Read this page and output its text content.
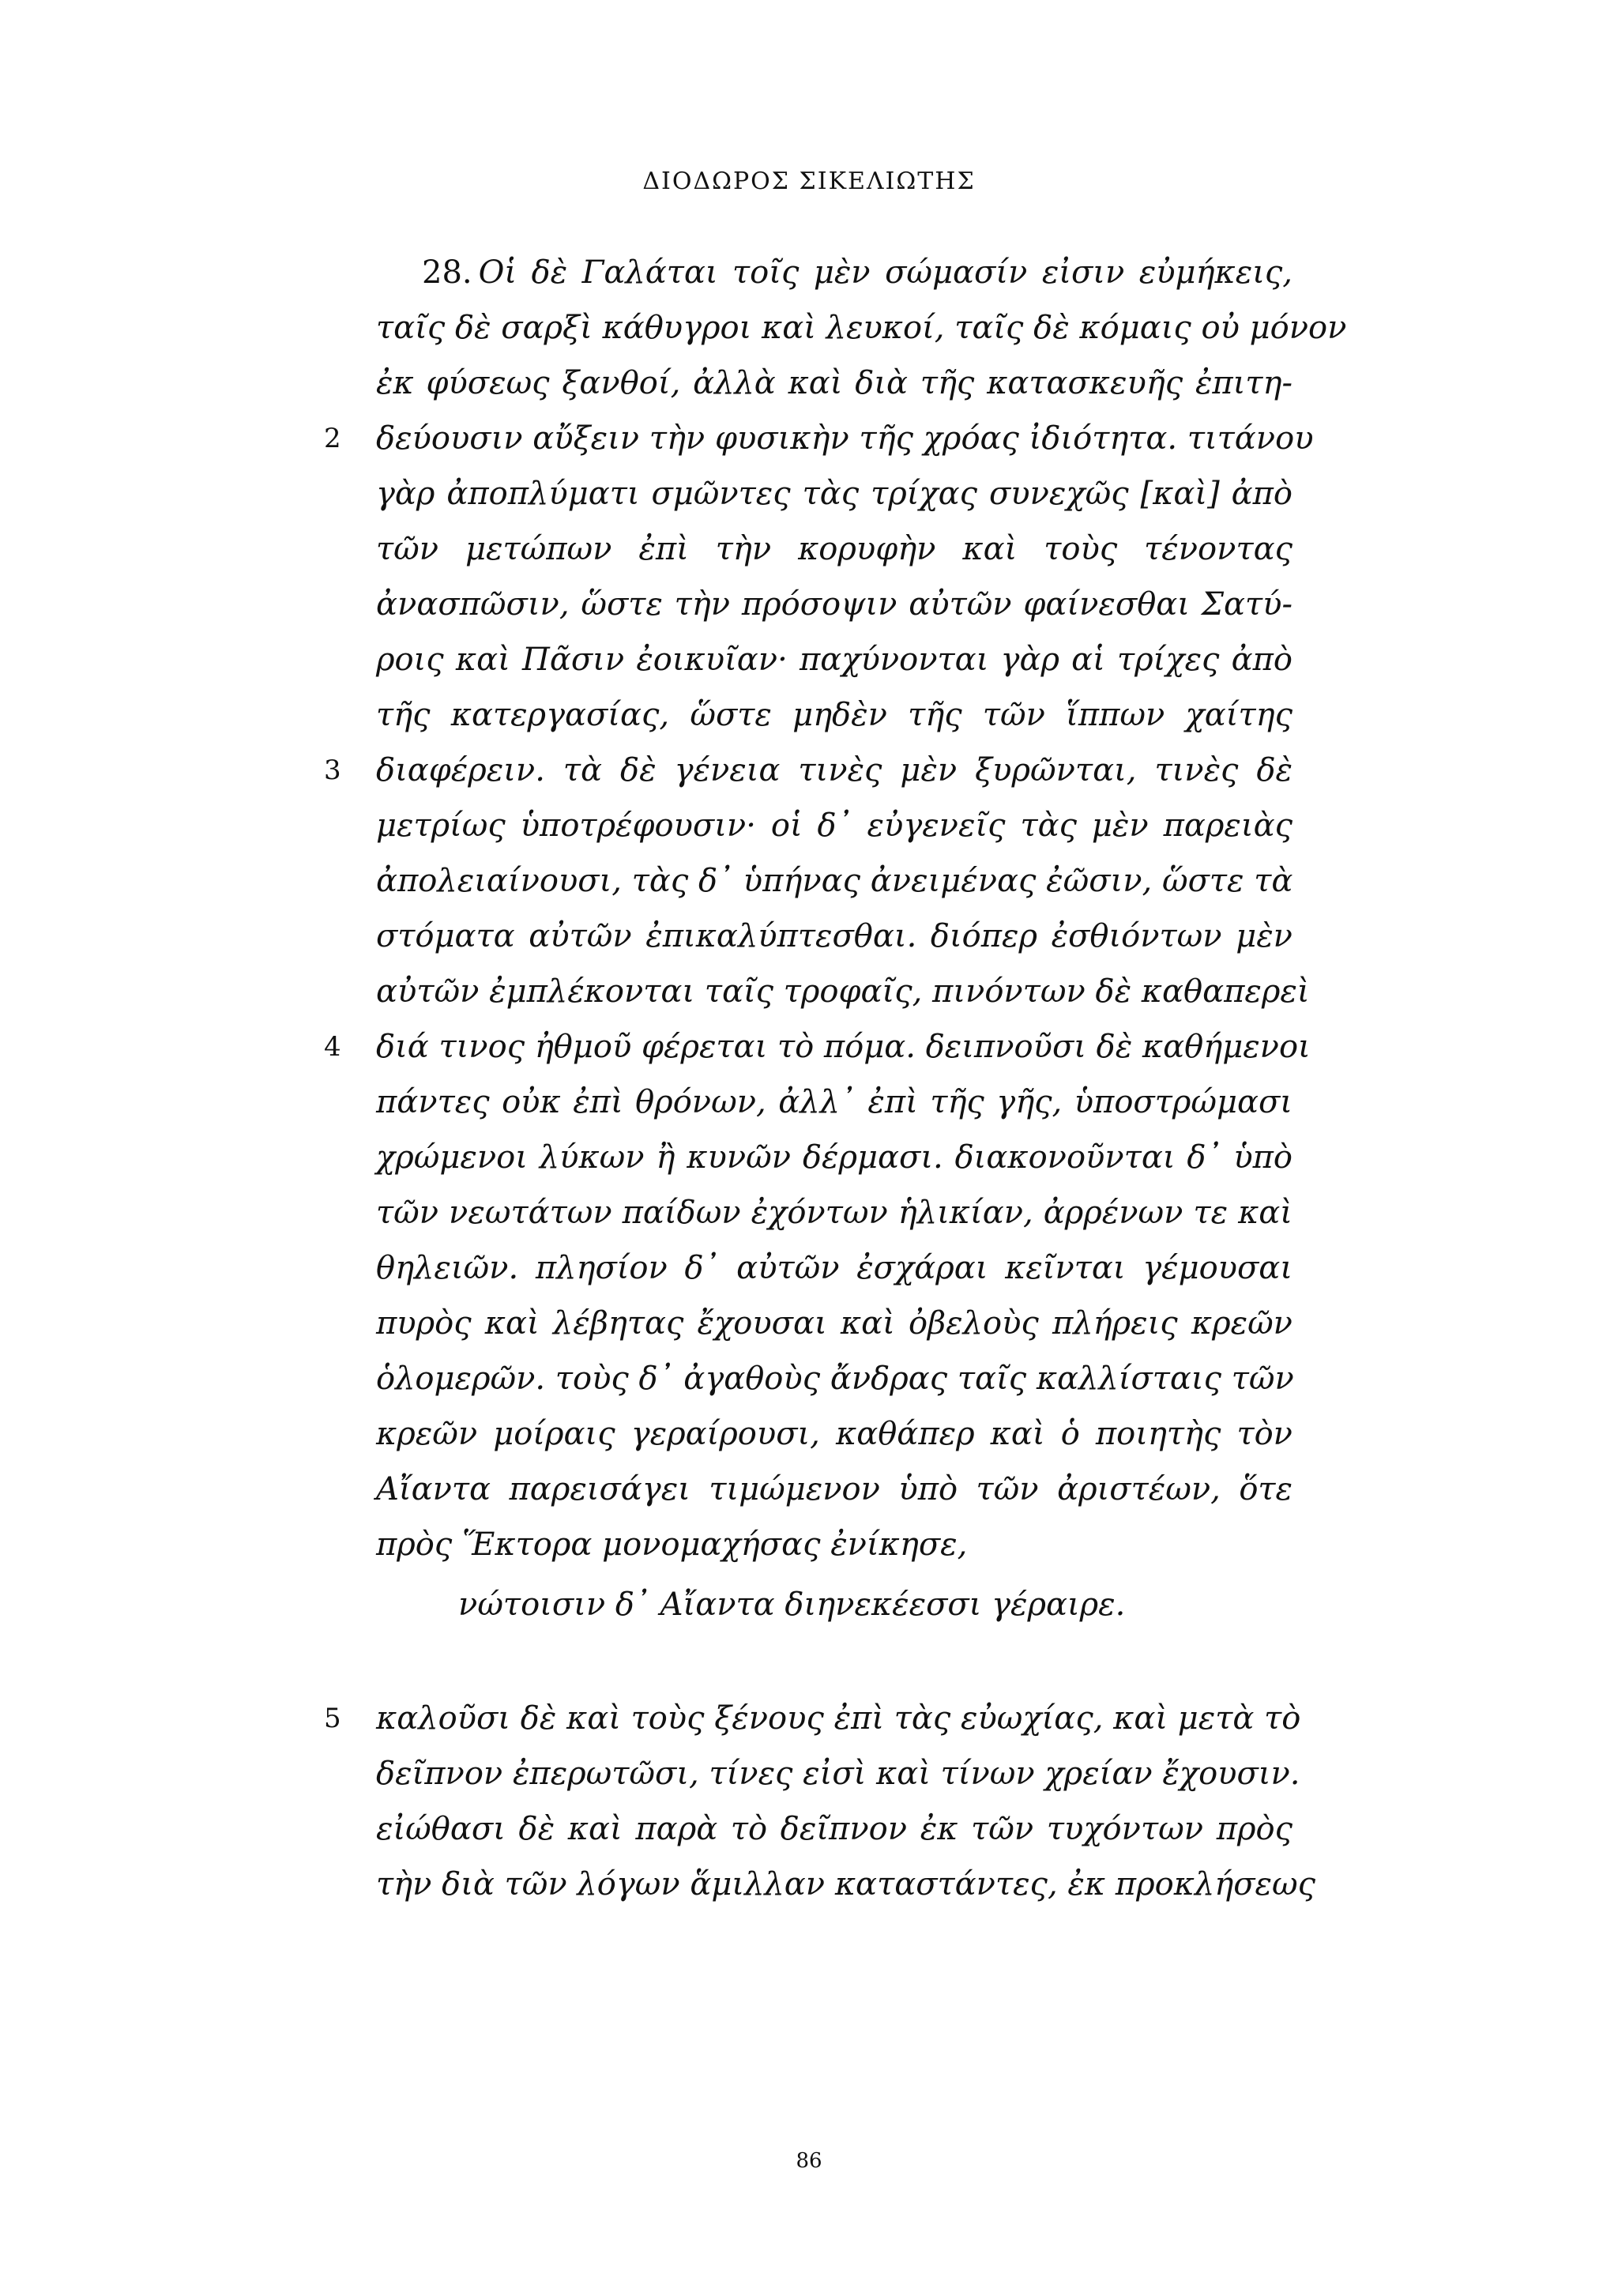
ΔΙΟΔΩΡΟΣ ΣΙΚΕΛΙΩΤΗΣ
28. Οἱ δὲ Γαλάται τοῖς μὲν σώμασίν εἰσιν εὐμήκεις,
ταῖς δὲ σαρξὶ κάθυγροι καὶ λευκοί, ταῖς δὲ κόμαις οὐ μόνον
ἐκ φύσεως ξανθοί, ἀλλὰ καὶ διὰ τῆς κατασκευῆς ἐπιτη-
2 δεύουσιν αὔξειν τὴν φυσικὴν τῆς χρόας ἰδιότητα. τιτάνου
γὰρ ἀποπλύματι σμῶντες τὰς τρίχας συνεχῶς [καὶ] ἀπὸ
τῶν μετώπων ἐπὶ τὴν κορυφὴν καὶ τοὺς τένοντας
ἀνασπῶσιν, ὥστε τὴν πρόσοψιν αὐτῶν φαίνεσθαι Σατύ-
ροις καὶ Πᾶσιν ἐοικυῖαν· παχύνονται γὰρ αἱ τρίχες ἀπὸ
τῆς κατεργασίας, ὥστε μηδὲν τῆς τῶν ἵππων χαίτης
3 διαφέρειν. τὰ δὲ γένεια τινὲς μὲν ξυρῶνται, τινὲς δὲ
μετρίως ὑποτρέφουσιν· οἱ δ᾽ εὐγενεῖς τὰς μὲν παρειὰς
ἀπολειαίνουσι, τὰς δ᾽ ὑπήνας ἀνειμένας ἐῶσιν, ὥστε τὰ
στόματα αὐτῶν ἐπικαλύπτεσθαι. διόπερ ἐσθιόντων μὲν
αὐτῶν ἐμπλέκονται ταῖς τροφαῖς, πινόντων δὲ καθαπερεὶ
4 διά τινος ἠθμοῦ φέρεται τὸ πόμα. δειπνοῦσι δὲ καθήμενοι
πάντες οὐκ ἐπὶ θρόνων, ἀλλ᾽ ἐπὶ τῆς γῆς, ὑποστρώμασι
χρώμενοι λύκων ἢ κυνῶν δέρμασι. διακονοῦνται δ᾽ ὑπὸ
τῶν νεωτάτων παίδων ἐχόντων ἡλικίαν, ἀρρένων τε καὶ
θηλειῶν. πλησίον δ᾽ αὐτῶν ἐσχάραι κεῖνται γέμουσαι
πυρὸς καὶ λέβητας ἔχουσαι καὶ ὀβελοὺς πλήρεις κρεῶν
ὁλομερῶν. τοὺς δ᾽ ἀγαθοὺς ἄνδρας ταῖς καλλίσταις τῶν
κρεῶν μοίραις γεραίρουσι, καθάπερ καὶ ὁ ποιητὴς τὸν
Αἴαντα παρεισάγει τιμώμενον ὑπὸ τῶν ἀριστέων, ὅτε
πρὸς Ἕκτορα μονομαχήσας ἐνίκησε,
νώτοισιν δ᾽ Αἴαντα διηνεκέεσσι γέραιρε.
5 καλοῦσι δὲ καὶ τοὺς ξένους ἐπὶ τὰς εὐωχίας, καὶ μετὰ τὸ
δεῖπνον ἐπερωτῶσι, τίνες εἰσὶ καὶ τίνων χρείαν ἔχουσιν.
εἰώθασι δὲ καὶ παρὰ τὸ δεῖπνον ἐκ τῶν τυχόντων πρὸς
τὴν διὰ τῶν λόγων ἅμιλλαν καταστάντες, ἐκ προκλήσεως
86
